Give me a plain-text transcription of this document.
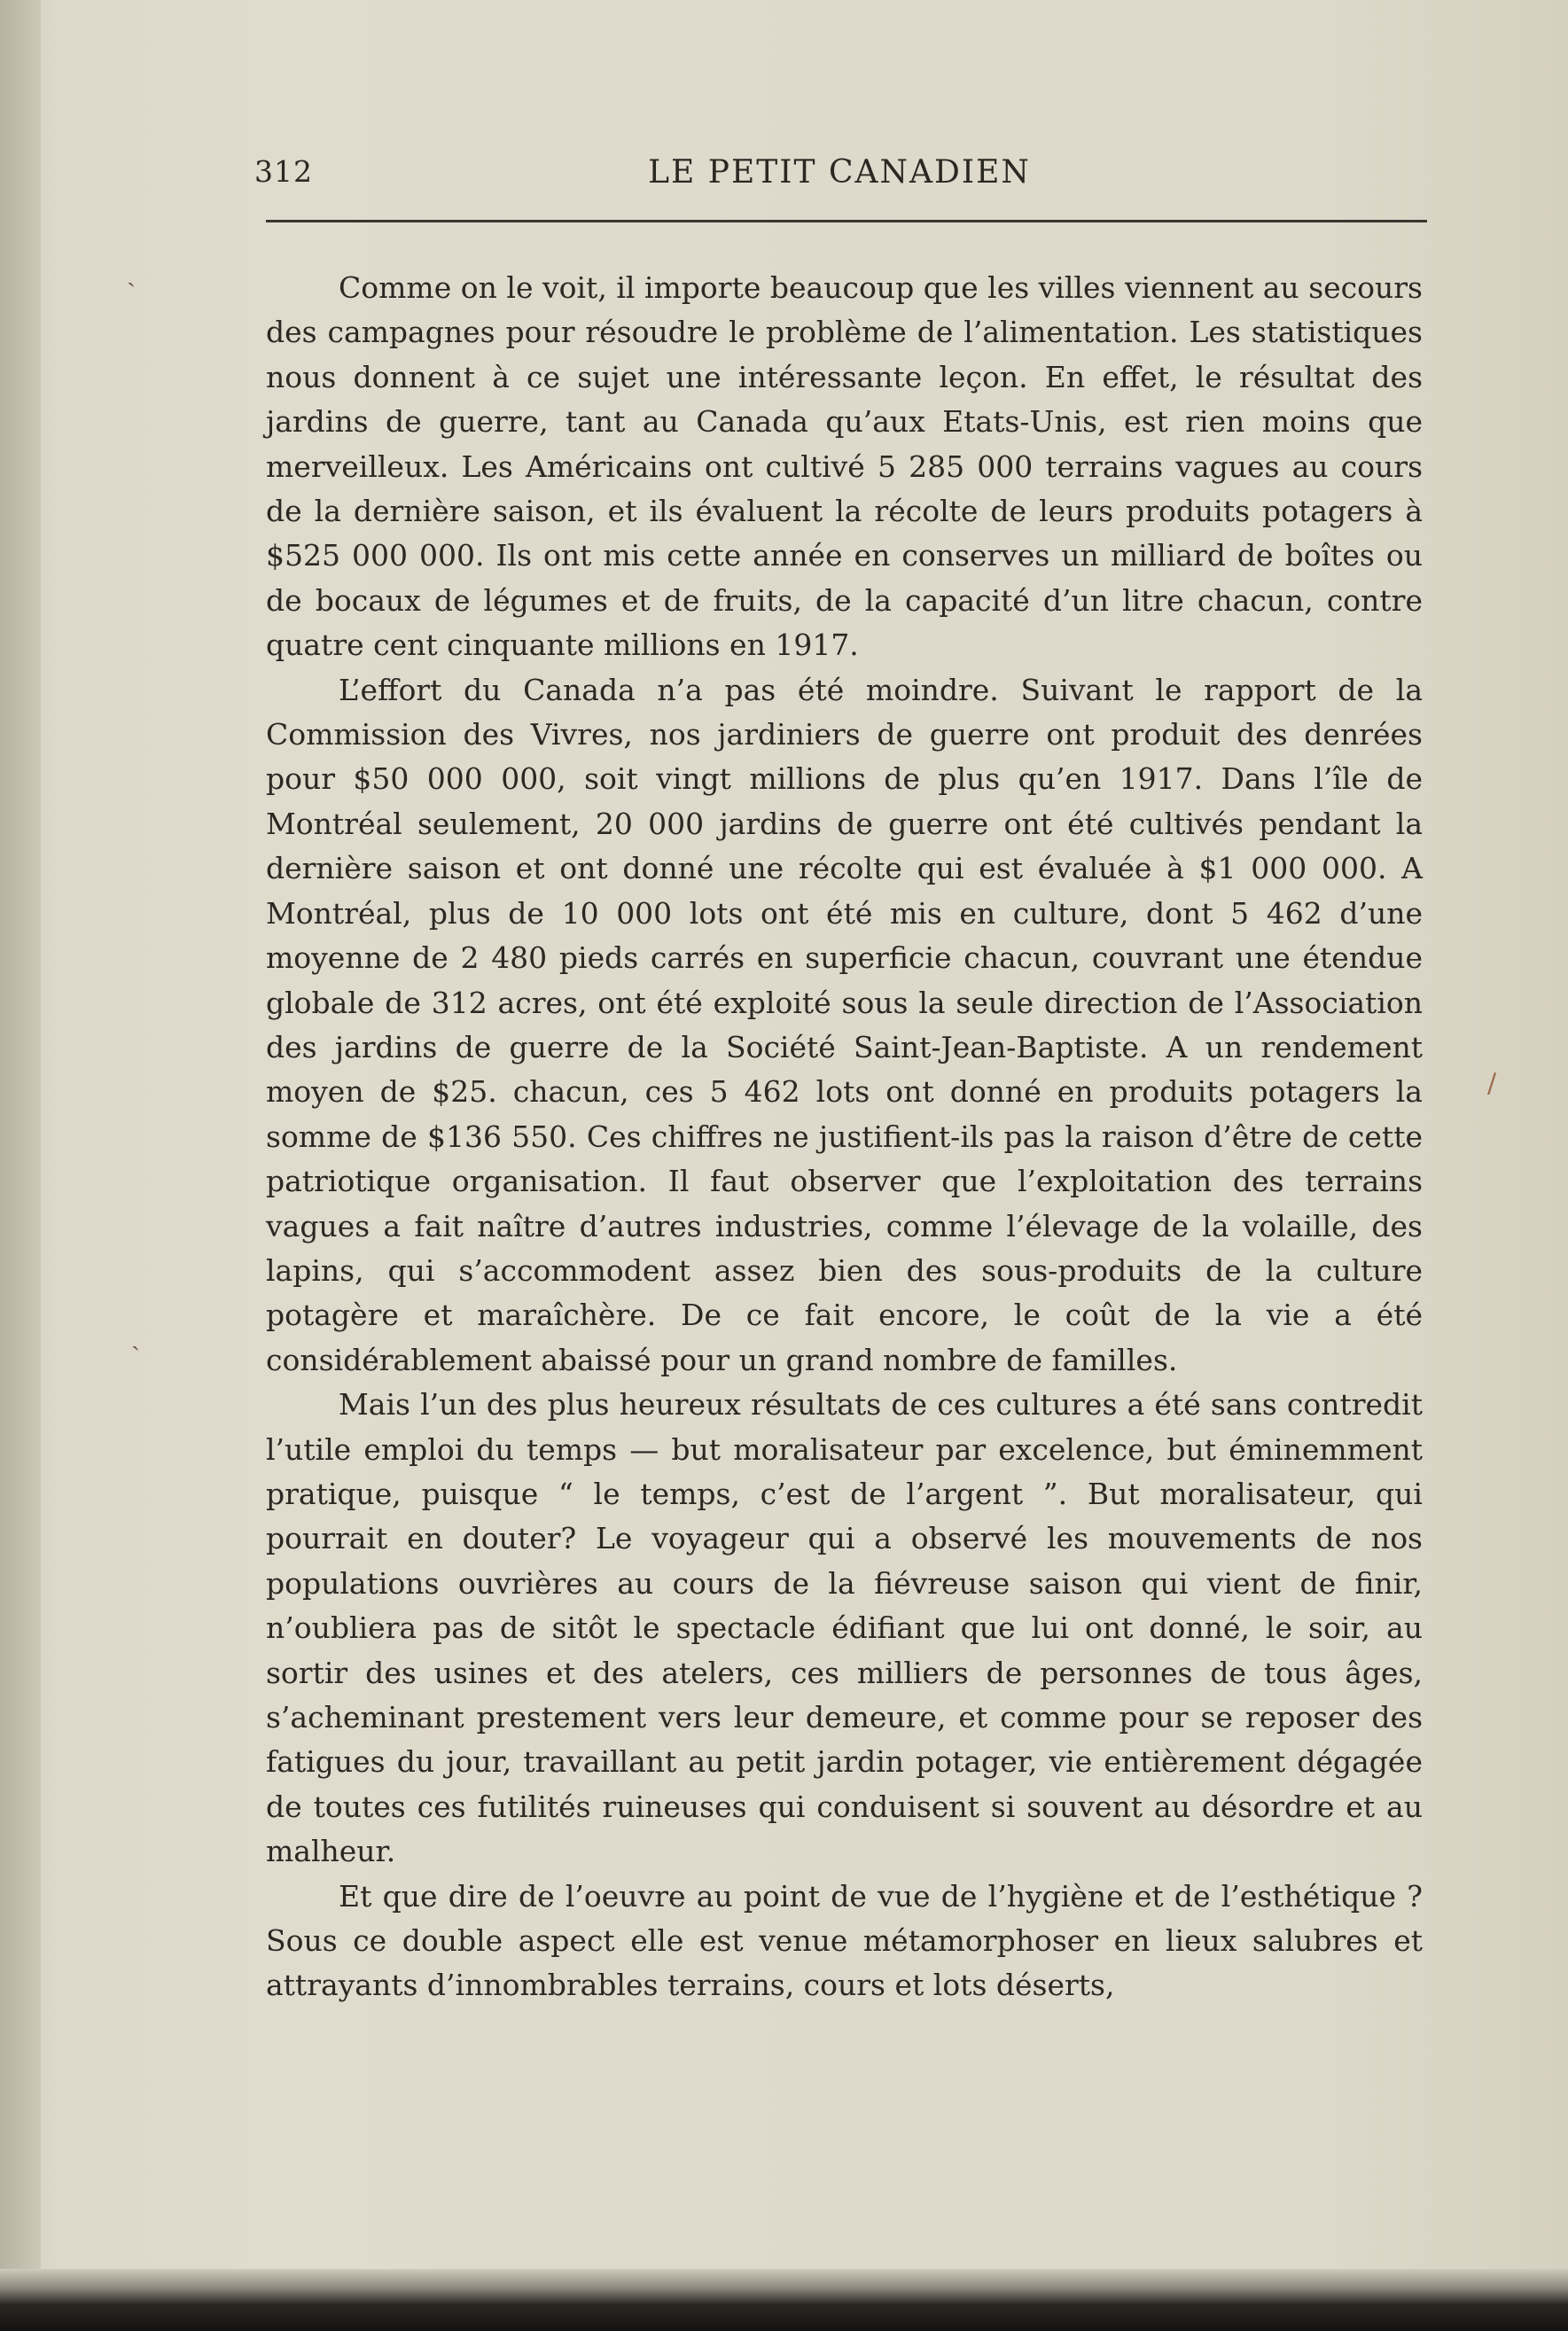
312	LE PETIT CANADIEN

Comme on le voit, il importe beaucoup que les villes viennent au secours des campagnes pour résoudre le problème de l’alimentation. Les statistiques nous donnent à ce sujet une intéressante leçon. En effet, le résultat des jardins de guerre, tant au Canada qu’aux Etats-Unis, est rien moins que merveilleux. Les Américains ont cultivé 5 285 000 terrains vagues au cours de la dernière saison, et ils évaluent la récolte de leurs produits potagers à $525 000 000. Ils ont mis cette année en conserves un milliard de boîtes ou de bocaux de légumes et de fruits, de la capacité d’un litre chacun, contre quatre cent cinquante millions en 1917.

L’effort du Canada n’a pas été moindre. Suivant le rapport de la Commission des Vivres, nos jardiniers de guerre ont produit des denrées pour $50 000 000, soit vingt millions de plus qu’en 1917. Dans l’île de Montréal seulement, 20 000 jardins de guerre ont été cultivés pendant la dernière saison et ont donné une récolte qui est évaluée à $1 000 000. A Montréal, plus de 10 000 lots ont été mis en culture, dont 5 462 d’une moyenne de 2 480 pieds carrés en superficie chacun, couvrant une étendue globale de 312 acres, ont été exploité sous la seule direction de l’Association des jardins de guerre de la Société Saint-Jean-Baptiste. A un rendement moyen de $25. chacun, ces 5 462 lots ont donné en produits potagers la somme de $136 550. Ces chiffres ne justifient-ils pas la raison d’être de cette patriotique organisation. Il faut observer que l’exploitation des terrains vagues a fait naître d’autres industries, comme l’élevage de la volaille, des lapins, qui s’accommodent assez bien des sous-produits de la culture potagère et maraîchère. De ce fait encore, le coût de la vie a été considérablement abaissé pour un grand nombre de familles.

Mais l’un des plus heureux résultats de ces cultures a été sans contredit l’utile emploi du temps — but moralisateur par excelence, but éminemment pratique, puisque “ le temps, c’est de l’argent ”. But moralisateur, qui pourrait en douter? Le voyageur qui a observé les mouvements de nos populations ouvrières au cours de la fiévreuse saison qui vient de finir, n’oubliera pas de sitôt le spectacle édifiant que lui ont donné, le soir, au sortir des usines et des atelers, ces milliers de personnes de tous âges, s’acheminant prestement vers leur demeure, et comme pour se reposer des fatigues du jour, travaillant au petit jardin potager, vie entièrement dégagée de toutes ces futilités ruineuses qui conduisent si souvent au désordre et au malheur.

Et que dire de l’oeuvre au point de vue de l’hygiène et de l’esthétique ? Sous ce double aspect elle est venue métamorphoser en lieux salubres et attrayants d’innombrables terrains, cours et lots déserts,

ˎ
/
ˎ
